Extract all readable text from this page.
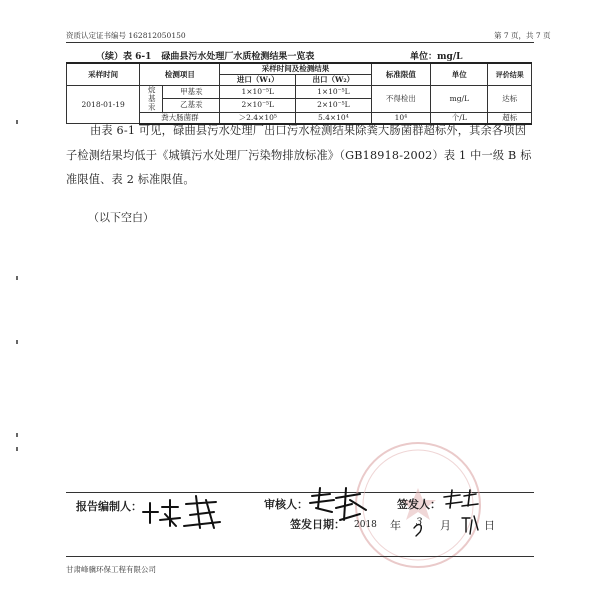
资质认定证书编号 162812050150	第 7 页，共 7 页
（续）表 6-1 碌曲县污水处理厂水质检测结果一览表	单位：mg/L
采样时间	检测项目		采样时间及检测结果		标准限值	单位	评价结果
			进口（W₁）	出口（W₂）			
2018-01-19	烷基汞	甲基汞	1×10⁻⁵L	1×10⁻⁵L	不得检出	mg/L	达标
		乙基汞	2×10⁻⁵L	2×10⁻⁵L			
	粪大肠菌群		＞2.4×10⁵	5.4×10⁴	10⁴	个/L	超标
由表 6-1 可见，碌曲县污水处理厂出口污水检测结果除粪大肠菌群超标外，其余各项因子检测结果均低于《城镇污水处理厂污染物排放标准》（GB18918-2002）表 1 中一级 B 标准限值、表 2 标准限值。
（以下空白）
报告编制人：	审核人：	签发人：
签发日期： 2018 年 3 月	日
甘肃峰骥环保工程有限公司
